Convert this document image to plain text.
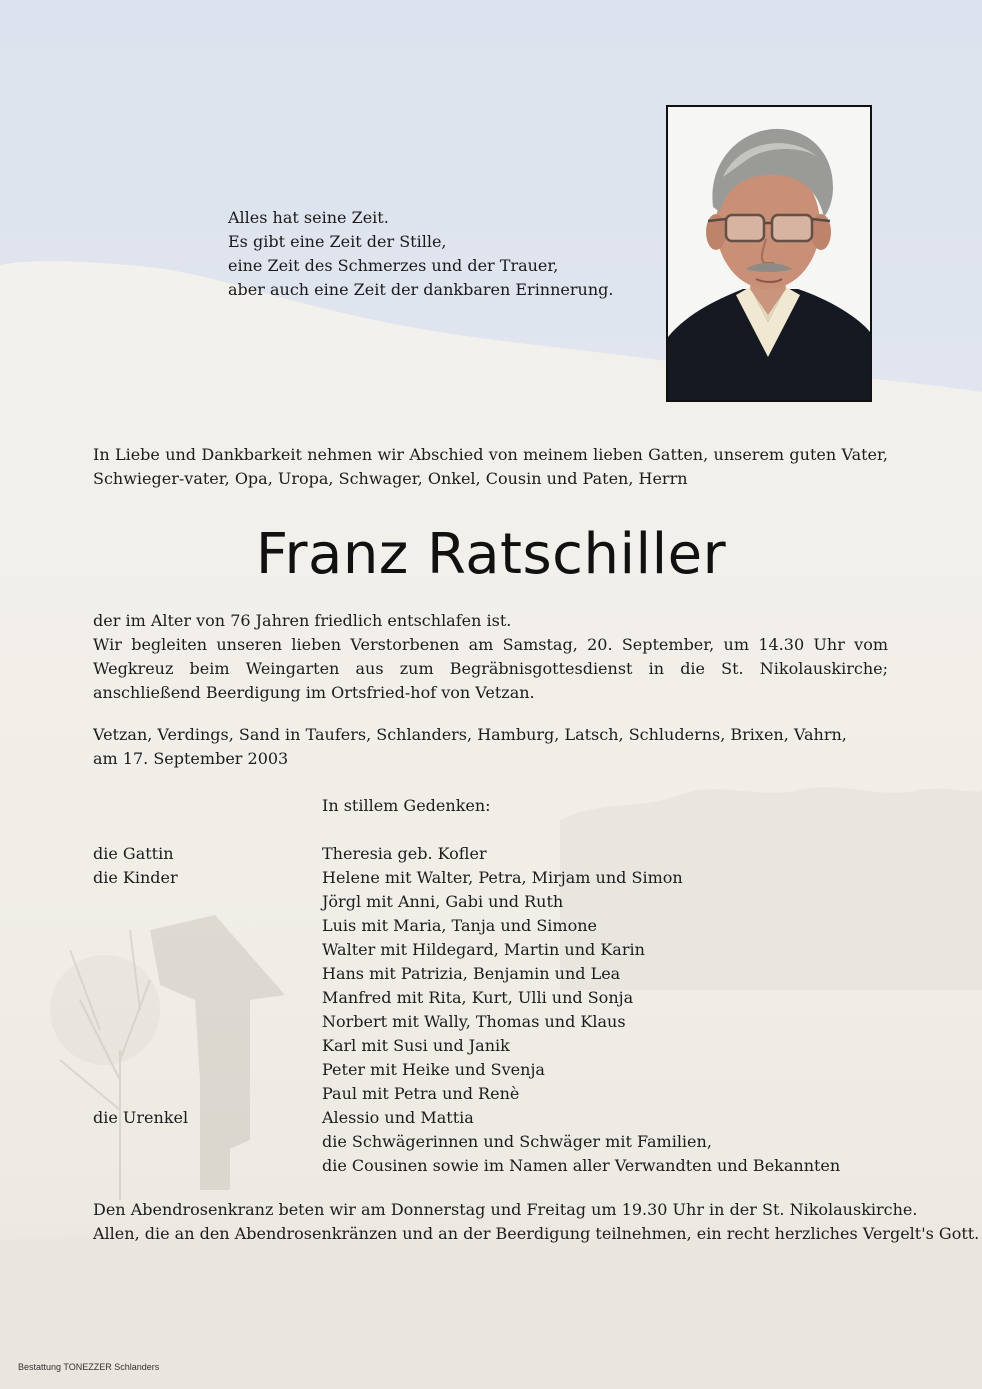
Alles hat seine Zeit.
Es gibt eine Zeit der Stille,
eine Zeit des Schmerzes und der Trauer,
aber auch eine Zeit der dankbaren Erinnerung.
In Liebe und Dankbarkeit nehmen wir Abschied von meinem lieben Gatten, unserem guten Vater, Schwieger-vater, Opa, Uropa, Schwager, Onkel, Cousin und Paten, Herrn
Franz Ratschiller

der im Alter von 76 Jahren friedlich entschlafen ist.

Wir begleiten unseren lieben Verstorbenen am Samstag, 20. September, um 14.30 Uhr vom Wegkreuz beim Weingarten aus zum Begräbnisgottesdienst in die St. Nikolauskirche; anschließend Beerdigung im Ortsfried-hof von Vetzan.

Vetzan, Verdings, Sand in Taufers, Schlanders, Hamburg, Latsch, Schluderns, Brixen, Vahrn,
am 17. September 2003
In stillem Gedenken:
die Gattin	Theresia geb. Kofler
die Kinder	Helene mit Walter, Petra, Mirjam und Simon
Jörgl mit Anni, Gabi und Ruth
Luis mit Maria, Tanja und Simone
Walter mit Hildegard, Martin und Karin
Hans mit Patrizia, Benjamin und Lea
Manfred mit Rita, Kurt, Ulli und Sonja
Norbert mit Wally, Thomas und Klaus
Karl mit Susi und Janik
Peter mit Heike und Svenja
Paul mit Petra und Renè
die Urenkel	Alessio und Mattia
die Schwägerinnen und Schwäger mit Familien,
die Cousinen sowie im Namen aller Verwandten und Bekannten
Den Abendrosenkranz beten wir am Donnerstag und Freitag um 19.30 Uhr in der St. Nikolauskirche.
Allen, die an den Abendrosenkränzen und an der Beerdigung teilnehmen, ein recht herzliches Vergelt's Gott.
Bestattung TONEZZER Schlanders
